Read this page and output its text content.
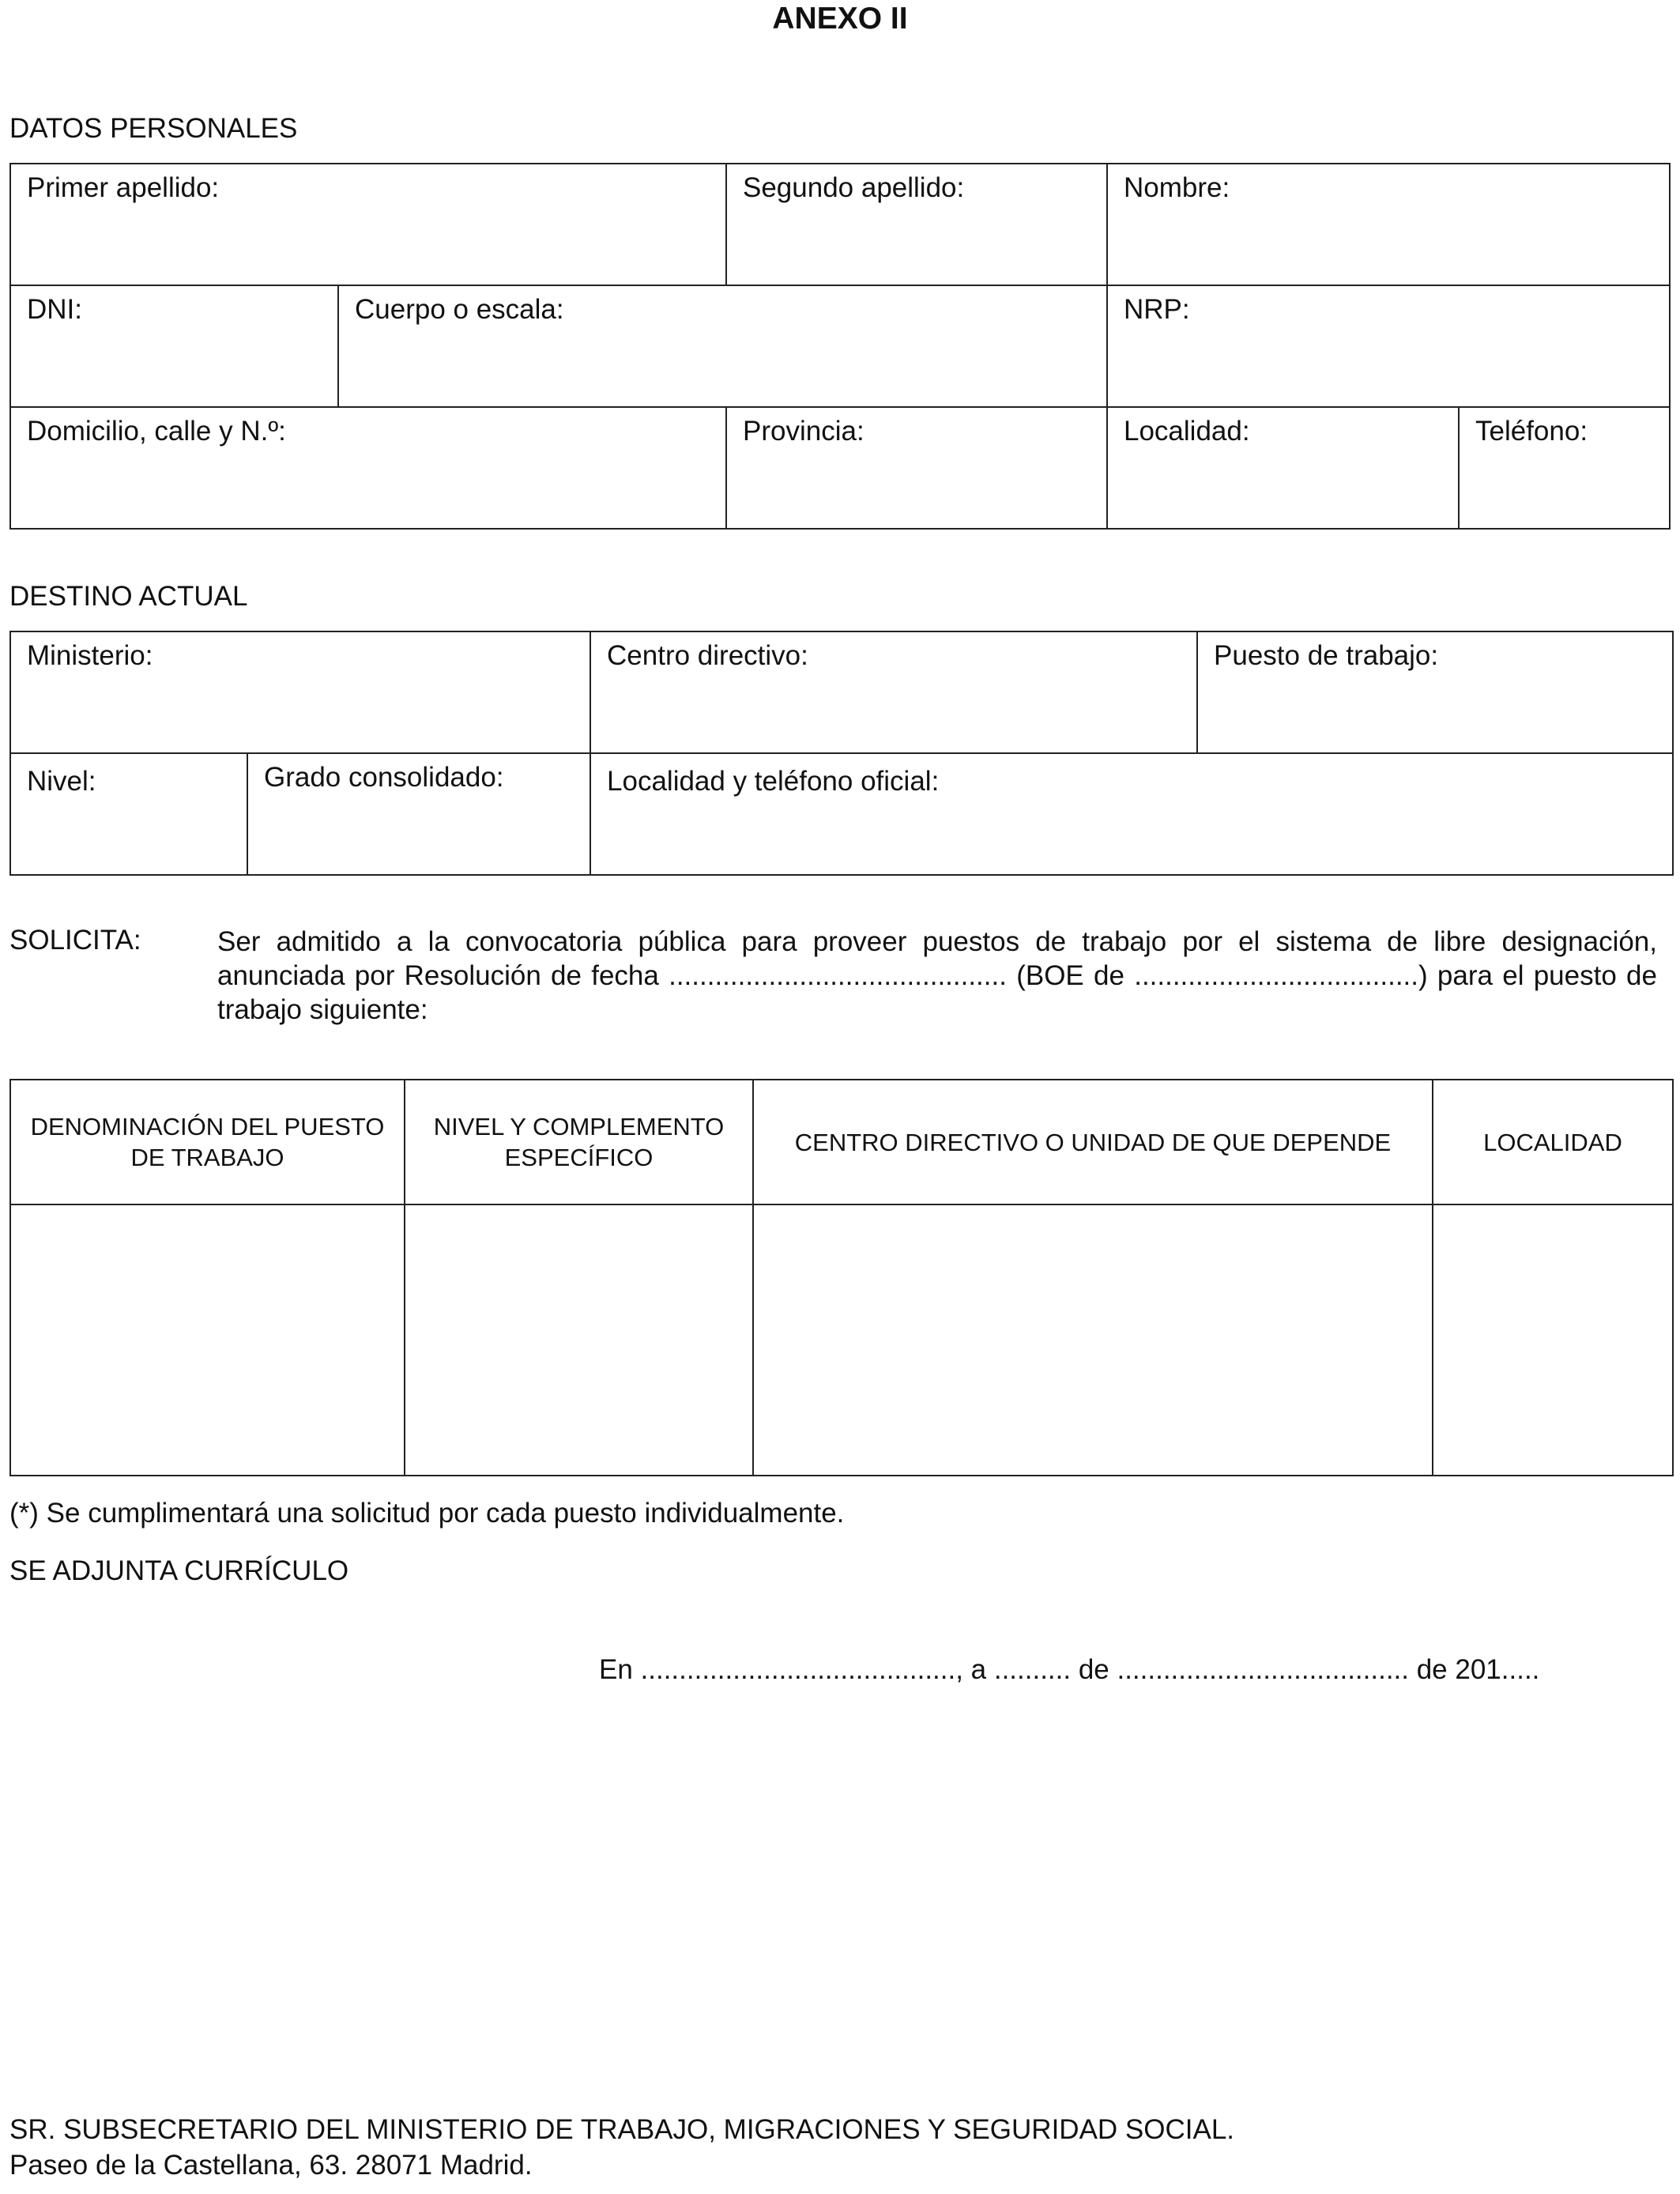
ANEXO II
DATOS PERSONALES
Primer apellido:		Segundo apellido:	Nombre:	
DNI:	Cuerpo o escala:		NRP:	
Domicilio, calle y N.º:		Provincia:	Localidad:	Teléfono:
DESTINO ACTUAL
Ministerio:		Centro directivo:	Puesto de trabajo:
Nivel:	Grado consolidado:	Localidad y teléfono oficial:	
SOLICITA:	Ser admitido a la convocatoria pública para proveer puestos de trabajo por el sistema de libre designación, anunciada por Resolución de fecha ............................................ (BOE de .....................................) para el puesto de trabajo siguiente:
DENOMINACIÓN DEL PUESTO DE TRABAJO	NIVEL Y COMPLEMENTO ESPECÍFICO	CENTRO DIRECTIVO O UNIDAD DE QUE DEPENDE	LOCALIDAD

(*) Se cumplimentará una solicitud por cada puesto individualmente.
SE ADJUNTA CURRÍCULO
En ........................................., a .......... de ...................................... de 201.....
SR. SUBSECRETARIO DEL MINISTERIO DE TRABAJO, MIGRACIONES Y SEGURIDAD SOCIAL.
Paseo de la Castellana, 63. 28071 Madrid.
